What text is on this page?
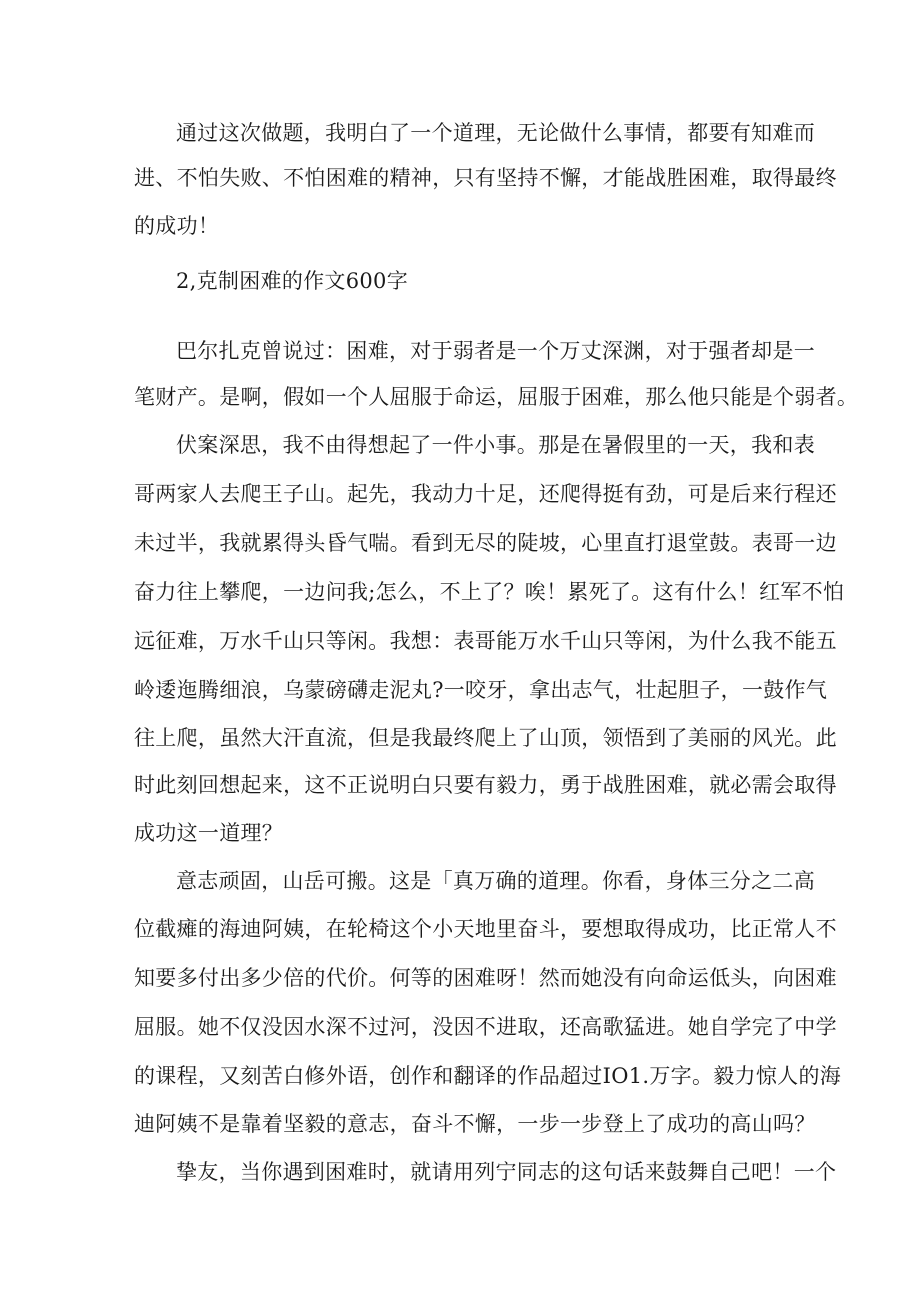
通过这次做题，我明白了一个道理，无论做什么事情，都要有知难而
进、不怕失败、不怕困难的精神，只有坚持不懈，才能战胜困难，取得最终
的成功！
2,克制困难的作文600字
巴尔扎克曾说过：困难，对于弱者是一个万丈深渊，对于强者却是一
笔财产。是啊，假如一个人屈服于命运，屈服于困难，那么他只能是个弱者。
伏案深思，我不由得想起了一件小事。那是在暑假里的一天，我和表
哥两家人去爬王子山。起先，我动力十足，还爬得挺有劲，可是后来行程还
未过半，我就累得头昏气喘。看到无尽的陡坡，心里直打退堂鼓。表哥一边
奋力往上攀爬，一边问我;怎么，不上了？唉！累死了。这有什么！红军不怕
远征难，万水千山只等闲。我想：表哥能万水千山只等闲，为什么我不能五
岭逶迤腾细浪，乌蒙磅礴走泥丸?一咬牙，拿出志气，壮起胆子，一鼓作气
往上爬，虽然大汗直流，但是我最终爬上了山顶，领悟到了美丽的风光。此
时此刻回想起来，这不正说明白只要有毅力，勇于战胜困难，就必需会取得
成功这一道理？
意志顽固，山岳可搬。这是「真万确的道理。你看，身体三分之二高
位截瘫的海迪阿姨，在轮椅这个小天地里奋斗，要想取得成功，比正常人不
知要多付出多少倍的代价。何等的困难呀！然而她没有向命运低头，向困难
屈服。她不仅没因水深不过河，没因不进取，还高歌猛进。她自学完了中学
的课程，又刻苦白修外语，创作和翻译的作品超过IO1.万字。毅力惊人的海
迪阿姨不是靠着坚毅的意志，奋斗不懈，一步一步登上了成功的高山吗？
挚友，当你遇到困难时，就请用列宁同志的这句话来鼓舞自己吧！一个
